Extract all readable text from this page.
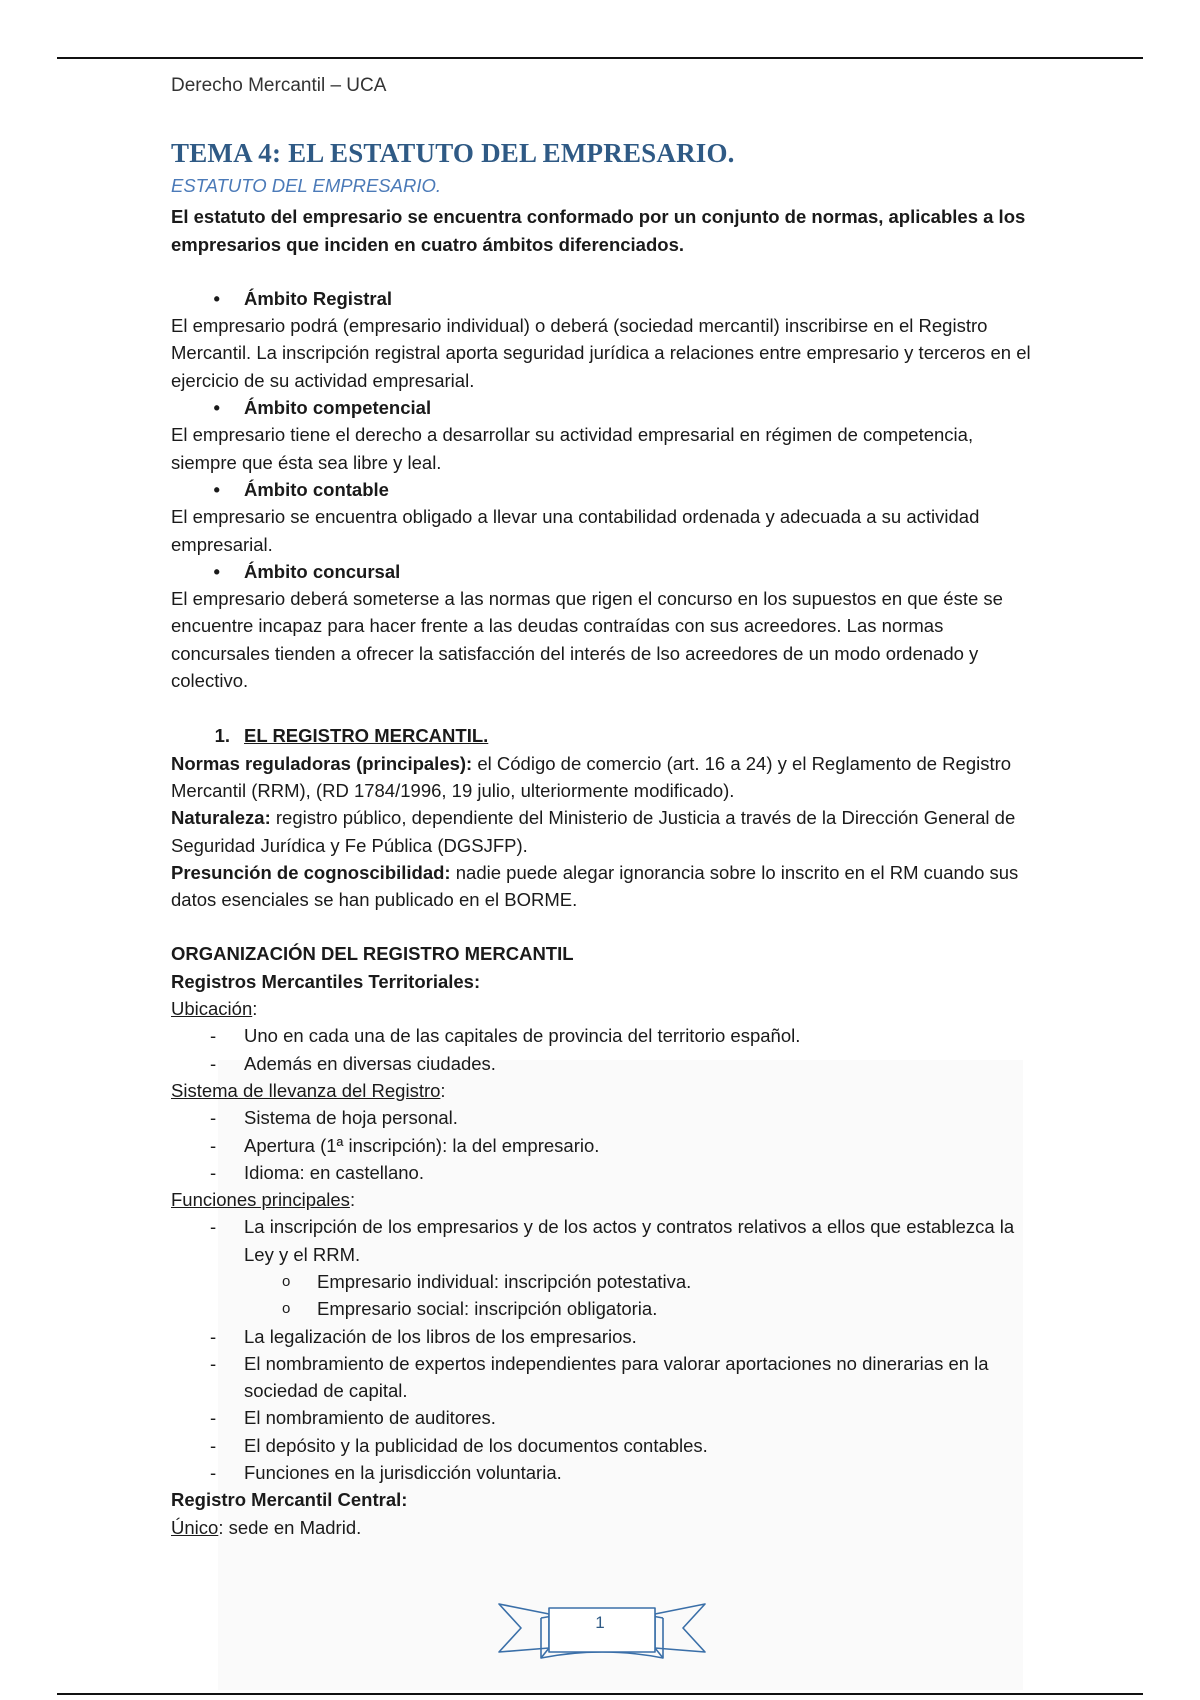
Derecho Mercantil – UCA
TEMA 4: EL ESTATUTO DEL EMPRESARIO.
ESTATUTO DEL EMPRESARIO.

El estatuto del empresario se encuentra conformado por un conjunto de normas, aplicables a los empresarios que inciden en cuatro ámbitos diferenciados.

•	Ámbito Registral

El empresario podrá (empresario individual) o deberá (sociedad mercantil) inscribirse en el Registro Mercantil. La inscripción registral aporta seguridad jurídica a relaciones entre empresario y terceros en el ejercicio de su actividad empresarial.

•	Ámbito competencial

El empresario tiene el derecho a desarrollar su actividad empresarial en régimen de competencia, siempre que ésta sea libre y leal.

•	Ámbito contable

El empresario se encuentra obligado a llevar una contabilidad ordenada y adecuada a su actividad empresarial.

•	Ámbito concursal

El empresario deberá someterse a las normas que rigen el concurso en los supuestos en que éste se encuentre incapaz para hacer frente a las deudas contraídas con sus acreedores. Las normas concursales tienden a ofrecer la satisfacción del interés de lso acreedores de un modo ordenado y colectivo.

1. EL REGISTRO MERCANTIL.

Normas reguladoras (principales): el Código de comercio (art. 16 a 24) y el Reglamento de Registro Mercantil (RRM), (RD 1784/1996, 19 julio, ulteriormente modificado).

Naturaleza: registro público, dependiente del Ministerio de Justicia a través de la Dirección General de Seguridad Jurídica y Fe Pública (DGSJFP).

Presunción de cognoscibilidad: nadie puede alegar ignorancia sobre lo inscrito en el RM cuando sus datos esenciales se han publicado en el BORME.

ORGANIZACIÓN DEL REGISTRO MERCANTIL

Registros Mercantiles Territoriales:

Ubicación:

-	Uno en cada una de las capitales de provincia del territorio español.
-	Además en diversas ciudades.

Sistema de llevanza del Registro:

-	Sistema de hoja personal.
-	Apertura (1ª inscripción): la del empresario.
-	Idioma: en castellano.

Funciones principales:

-	La inscripción de los empresarios y de los actos y contratos relativos a ellos que establezca la Ley y el RRM.
o	Empresario individual: inscripción potestativa.
o	Empresario social: inscripción obligatoria.
-	La legalización de los libros de los empresarios.
-	El nombramiento de expertos independientes para valorar aportaciones no dinerarias en la sociedad de capital.
-	El nombramiento de auditores.
-	El depósito y la publicidad de los documentos contables.
-	Funciones en la jurisdicción voluntaria.

Registro Mercantil Central:

Único: sede en Madrid.

1
